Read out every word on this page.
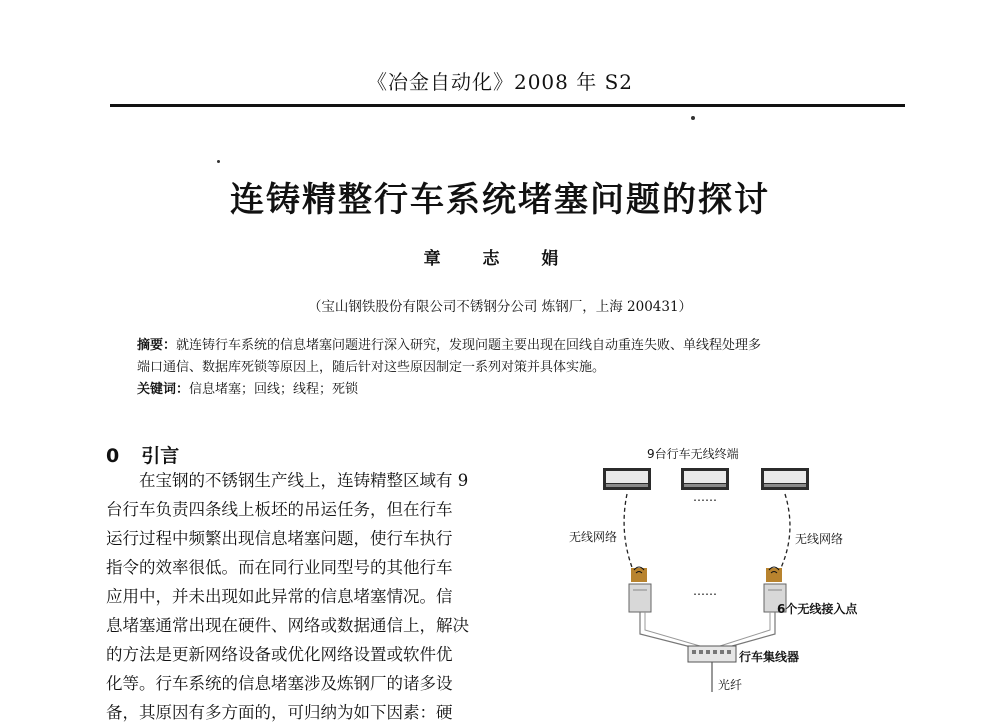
《冶金自动化》2008 年 S2
连铸精整行车系统堵塞问题的探讨
章 志 娟
（宝山钢铁股份有限公司不锈钢分公司 炼钢厂，上海 200431）
摘要：就连铸行车系统的信息堵塞问题进行深入研究，发现问题主要出现在回线自动重连失败、单线程处理多
端口通信、数据库死锁等原因上，随后针对这些原因制定一系列对策并具体实施。
关键词：信息堵塞；回线；线程；死锁
0 引言

在宝钢的不锈钢生产线上，连铸精整区域有 9

台行车负责四条线上板坯的吊运任务，但在行车
运行过程中频繁出现信息堵塞问题，使行车执行
指令的效率很低。而在同行业同型号的其他行车
应用中，并未出现如此异常的信息堵塞情况。信
息堵塞通常出现在硬件、网络或数据通信上，解决
的方法是更新网络设备或优化网络设置或软件优
化等。行车系统的信息堵塞涉及炼钢厂的诸多设
备，其原因有多方面的，可归纳为如下因素：硬
9台行车无线终端
……
无线网络	无线网络
……
6个无线接入点
行车集线器
光纤
